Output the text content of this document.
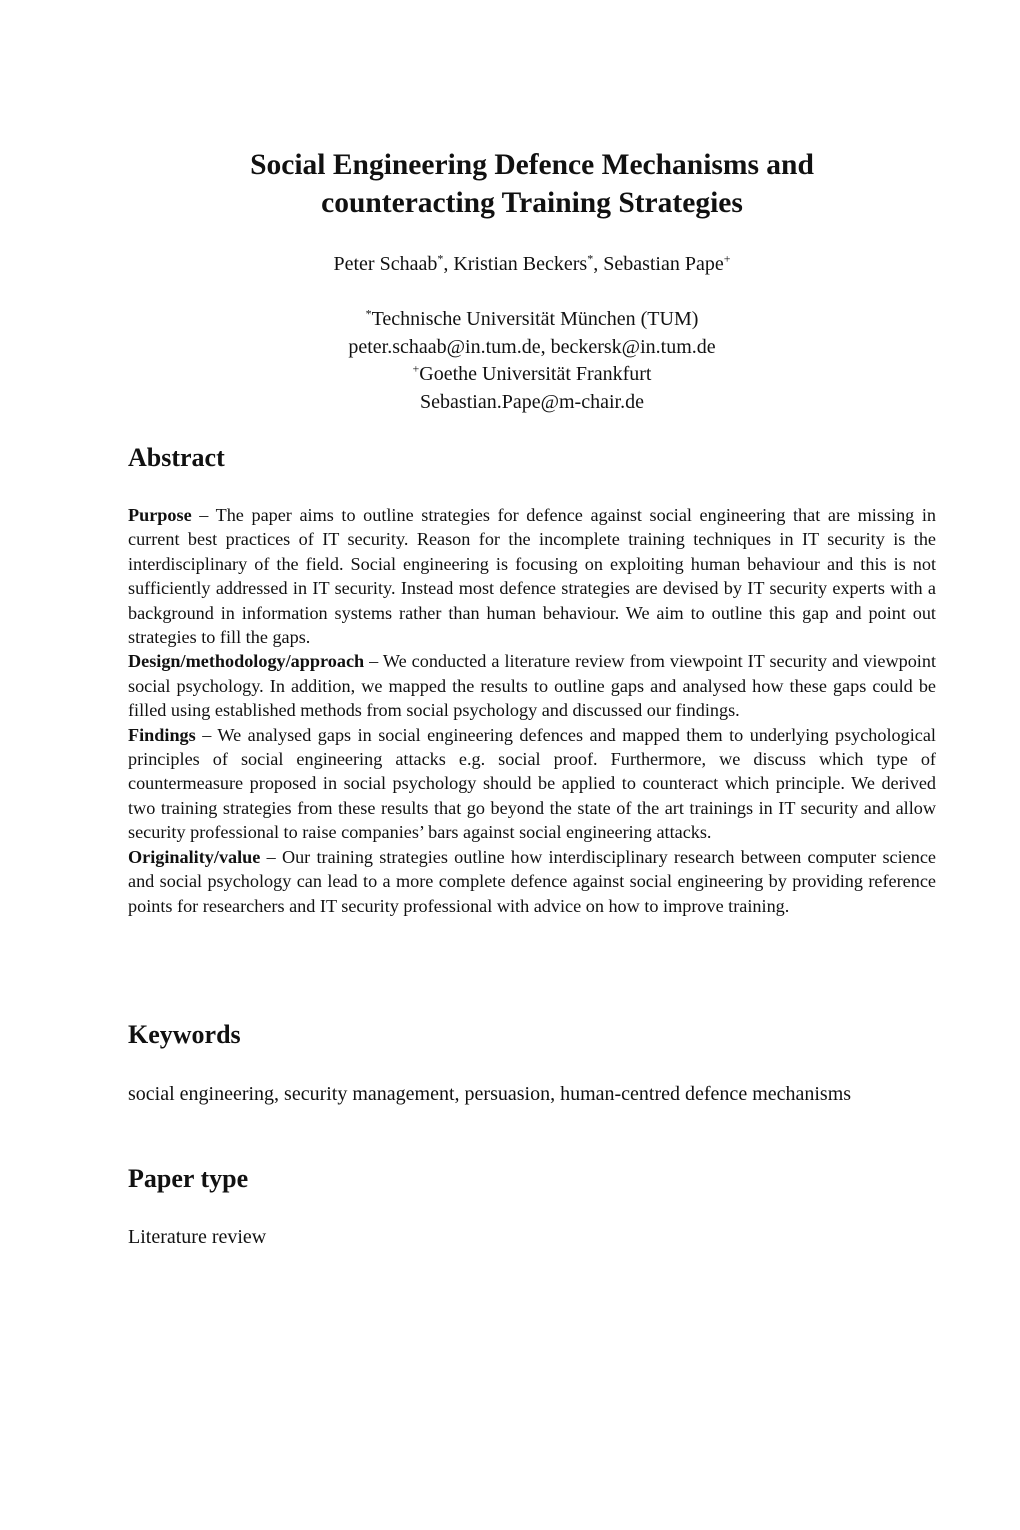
Social Engineering Defence Mechanisms and
counteracting Training Strategies
Peter Schaab*, Kristian Beckers*, Sebastian Pape+
*Technische Universität München (TUM)
peter.schaab@in.tum.de, beckersk@in.tum.de
+Goethe Universität Frankfurt
Sebastian.Pape@m-chair.de
Abstract

Purpose – The paper aims to outline strategies for defence against social engineering that are missing in current best practices of IT security. Reason for the incomplete training techniques in IT security is the interdisciplinary of the field. Social engineering is focusing on exploiting human behaviour and this is not sufficiently addressed in IT security. Instead most defence strategies are devised by IT security experts with a background in information systems rather than human behaviour. We aim to outline this gap and point out strategies to fill the gaps.

Design/methodology/approach – We conducted a literature review from viewpoint IT security and viewpoint social psychology. In addition, we mapped the results to outline gaps and analysed how these gaps could be filled using established methods from social psychology and discussed our findings.

Findings – We analysed gaps in social engineering defences and mapped them to underlying psychological principles of social engineering attacks e.g. social proof. Furthermore, we discuss which type of countermeasure proposed in social psychology should be applied to counteract which principle. We derived two training strategies from these results that go beyond the state of the art trainings in IT security and allow security professional to raise companies’ bars against social engineering attacks.

Originality/value – Our training strategies outline how interdisciplinary research between computer science and social psychology can lead to a more complete defence against social engineering by providing reference points for researchers and IT security professional with advice on how to improve training.

Keywords
social engineering, security management, persuasion, human-centred defence mechanisms
Paper type
Literature review
